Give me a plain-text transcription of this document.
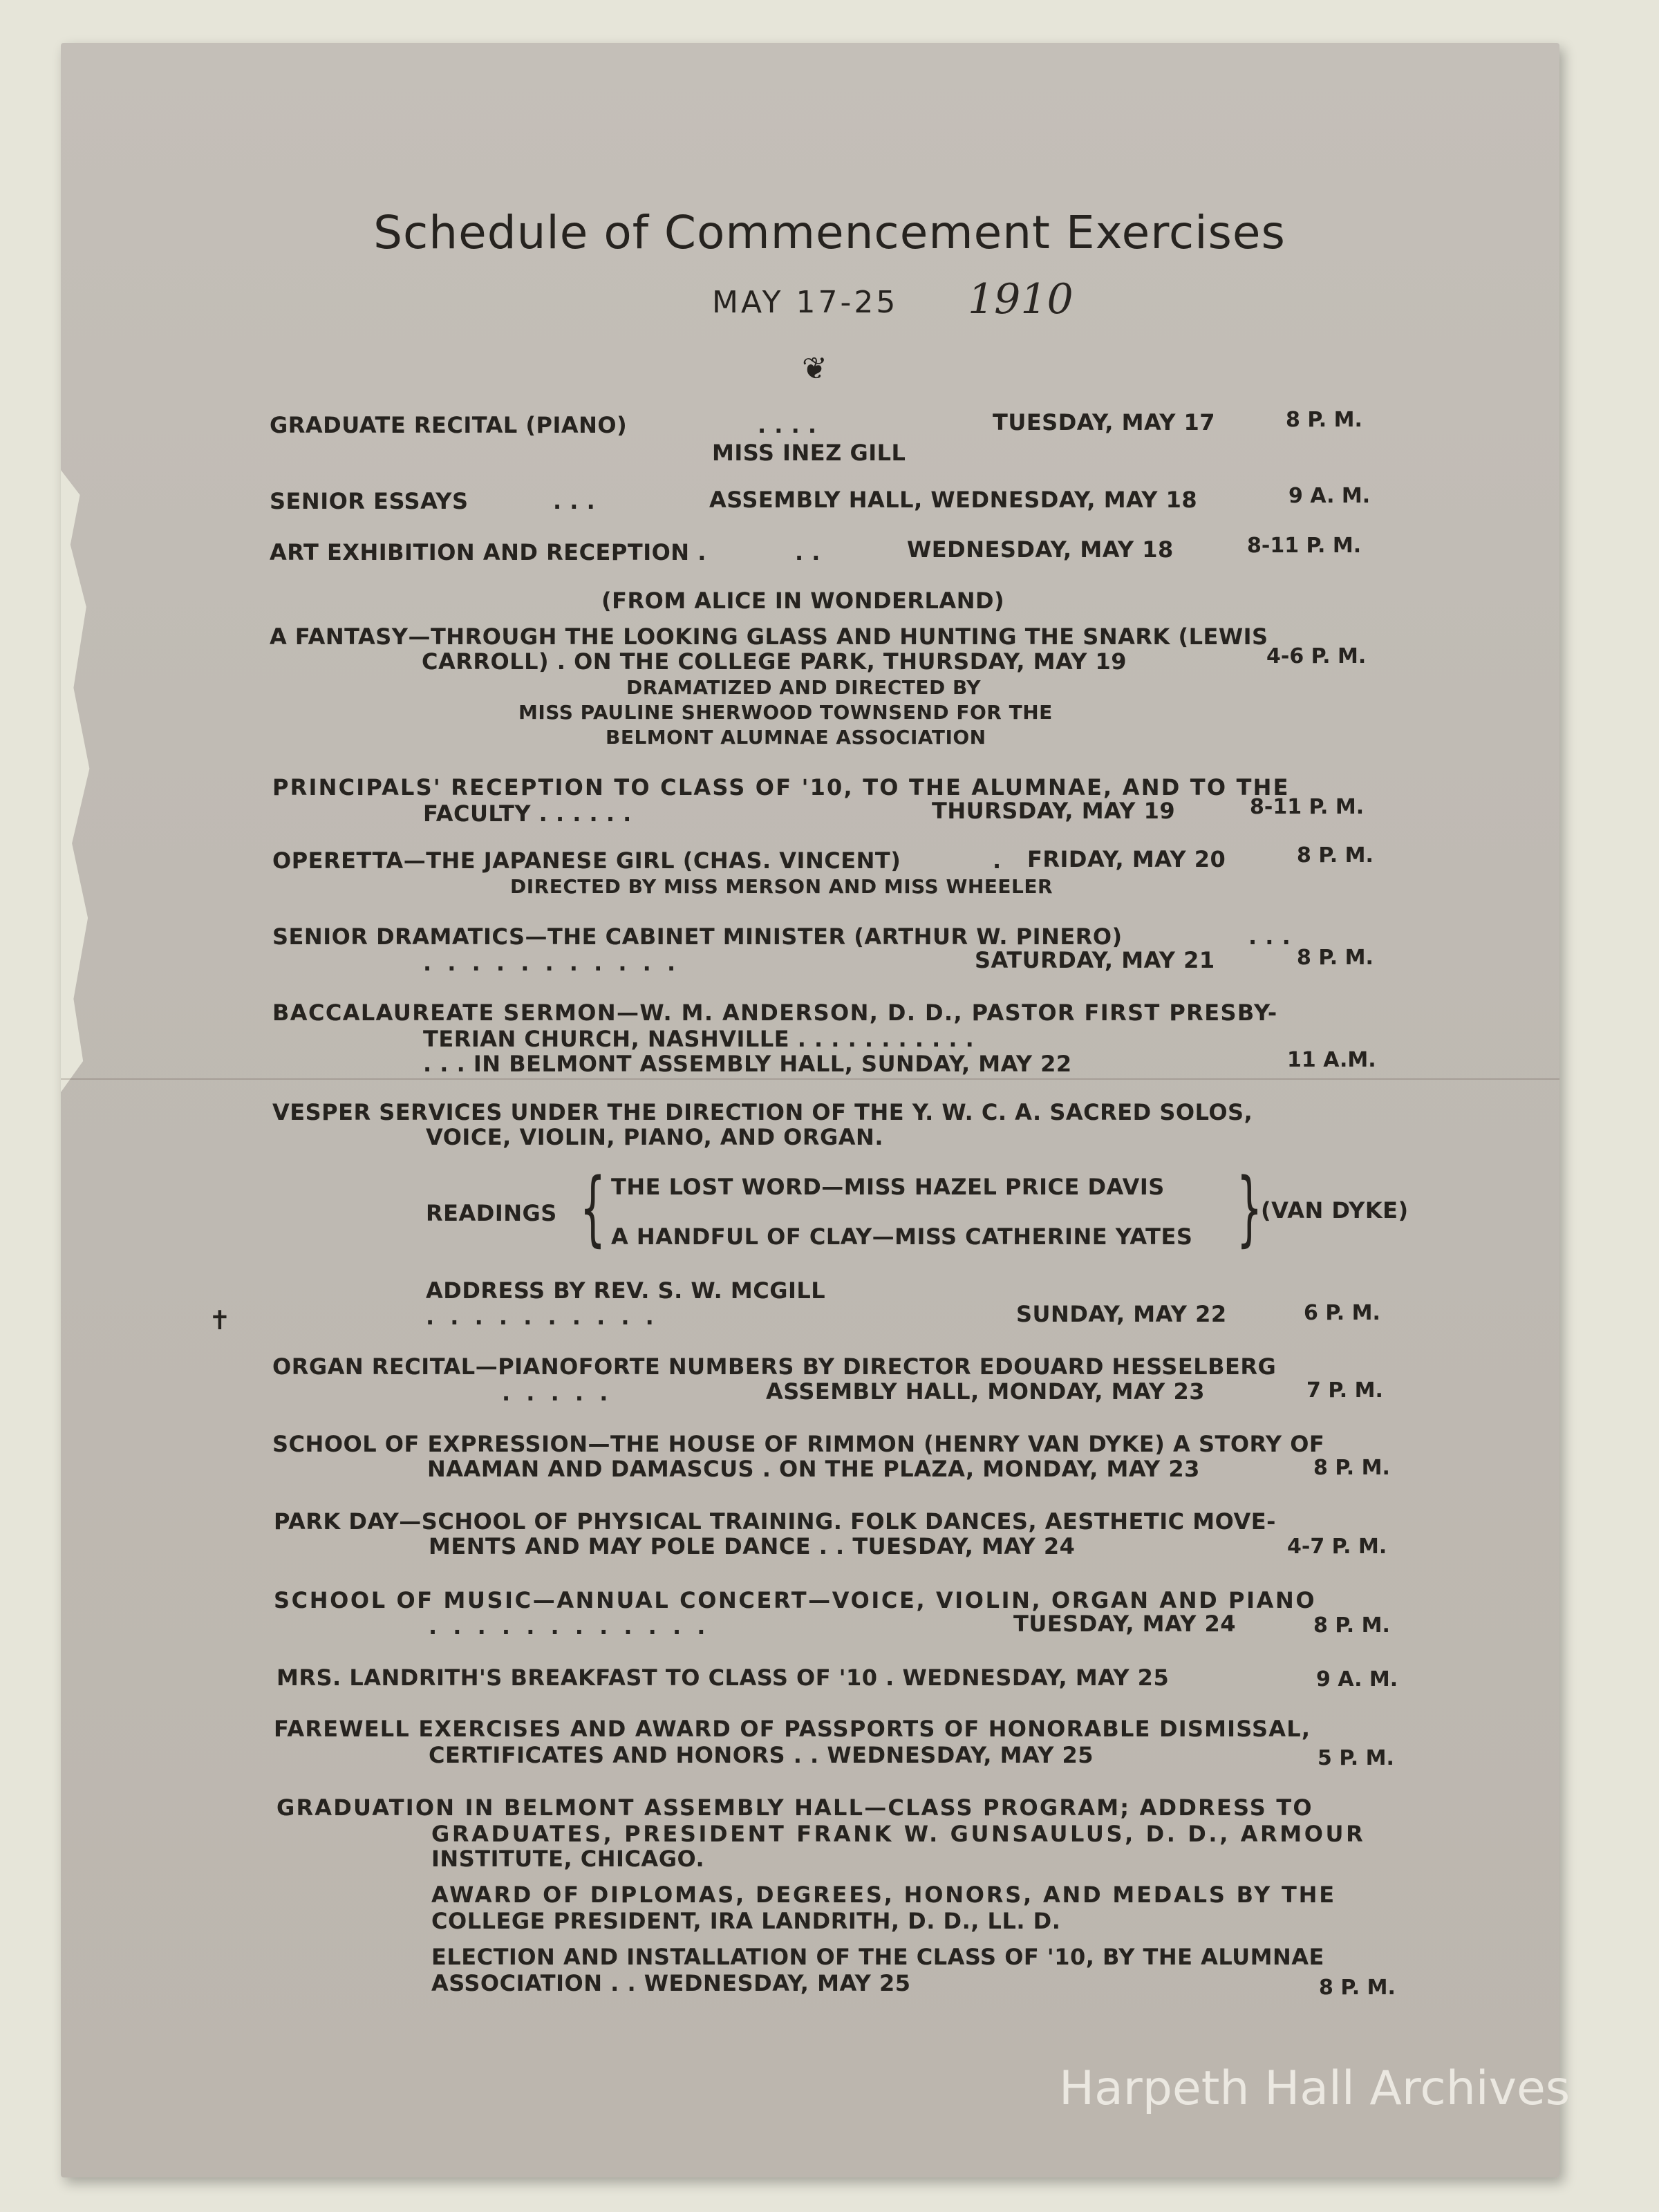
Schedule of Commencement Exercises
MAY 17-25 1910
❦
GRADUATE RECITAL (PIANO)	. . . .	TUESDAY, MAY 17	8 P. M.
MISS INEZ GILL
SENIOR ESSAYS	. . .	ASSEMBLY HALL, WEDNESDAY, MAY 18	9 A. M.
ART EXHIBITION AND RECEPTION .	. .	WEDNESDAY, MAY 18	8-11 P. M.
(FROM ALICE IN WONDERLAND)
A FANTASY—THROUGH THE LOOKING GLASS AND HUNTING THE SNARK (LEWIS
CARROLL) . ON THE COLLEGE PARK, THURSDAY, MAY 19	4-6 P. M.
DRAMATIZED AND DIRECTED BY
MISS PAULINE SHERWOOD TOWNSEND FOR THE
BELMONT ALUMNAE ASSOCIATION
PRINCIPALS' RECEPTION TO CLASS OF '10, TO THE ALUMNAE, AND TO THE
FACULTY . . . . . .	THURSDAY, MAY 19	8-11 P. M.
OPERETTA—THE JAPANESE GIRL (CHAS. VINCENT)	. FRIDAY, MAY 20	8 P. M.
DIRECTED BY MISS MERSON AND MISS WHEELER
SENIOR DRAMATICS—THE CABINET MINISTER (ARTHUR W. PINERO)	. . .
. . . . . . . . . . .	SATURDAY, MAY 21	8 P. M.
BACCALAUREATE SERMON—W. M. ANDERSON, D. D., PASTOR FIRST PRESBY-
TERIAN CHURCH, NASHVILLE . . . . . . . . . . .
. . . IN BELMONT ASSEMBLY HALL, SUNDAY, MAY 22	11 A.M.
VESPER SERVICES UNDER THE DIRECTION OF THE Y. W. C. A. SACRED SOLOS,
VOICE, VIOLIN, PIANO, AND ORGAN.
READINGS { THE LOST WORD—MISS HAZEL PRICE DAVIS
A HANDFUL OF CLAY—MISS CATHERINE YATES }
(VAN DYKE)
ADDRESS BY REV. S. W. MCGILL
. . . . . . . . . .	SUNDAY, MAY 22	6 P. M.
ORGAN RECITAL—PIANOFORTE NUMBERS BY DIRECTOR EDOUARD HESSELBERG
. . . . .	ASSEMBLY HALL, MONDAY, MAY 23	7 P. M.
SCHOOL OF EXPRESSION—THE HOUSE OF RIMMON (HENRY VAN DYKE) A STORY OF
NAAMAN AND DAMASCUS . ON THE PLAZA, MONDAY, MAY 23	8 P. M.
PARK DAY—SCHOOL OF PHYSICAL TRAINING. FOLK DANCES, AESTHETIC MOVE-
MENTS AND MAY POLE DANCE . . TUESDAY, MAY 24	4-7 P. M.
SCHOOL OF MUSIC—ANNUAL CONCERT—VOICE, VIOLIN, ORGAN AND PIANO
. . . . . . . . . . . .	TUESDAY, MAY 24	8 P. M.
MRS. LANDRITH'S BREAKFAST TO CLASS OF '10 . WEDNESDAY, MAY 25	9 A. M.
FAREWELL EXERCISES AND AWARD OF PASSPORTS OF HONORABLE DISMISSAL,
CERTIFICATES AND HONORS . . WEDNESDAY, MAY 25	5 P. M.
GRADUATION IN BELMONT ASSEMBLY HALL—CLASS PROGRAM; ADDRESS TO
GRADUATES, PRESIDENT FRANK W. GUNSAULUS, D. D., ARMOUR
INSTITUTE, CHICAGO.
AWARD OF DIPLOMAS, DEGREES, HONORS, AND MEDALS BY THE
COLLEGE PRESIDENT, IRA LANDRITH, D. D., LL. D.
ELECTION AND INSTALLATION OF THE CLASS OF '10, BY THE ALUMNAE
ASSOCIATION . . WEDNESDAY, MAY 25	8 P. M.
✝
Harpeth Hall Archives
